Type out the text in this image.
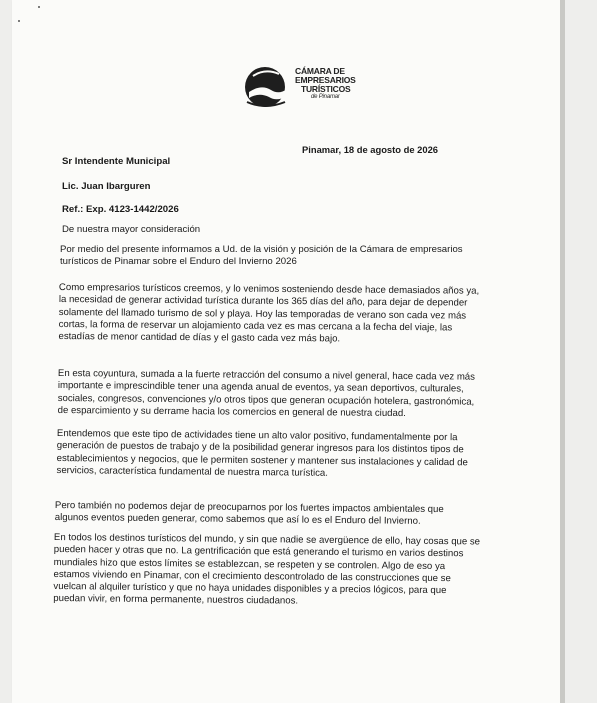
CÁMARA DE
EMPRESARIOS
TURÍSTICOS
de Pinamar
Pinamar, 18 de agosto de 2026
Sr Intendente Municipal
Lic. Juan Ibarguren
Ref.: Exp. 4123-1442/2026
De nuestra mayor consideración
Por medio del presente informamos a Ud. de la visión y posición de la Cámara de empresarios
turísticos de Pinamar sobre el Enduro del Invierno 2026
Como empresarios turísticos creemos, y lo venimos sosteniendo desde hace demasiados años ya,
la necesidad de generar actividad turística durante los 365 días del año, para dejar de depender
solamente del llamado turismo de sol y playa. Hoy las temporadas de verano son cada vez más
cortas, la forma de reservar un alojamiento cada vez es mas cercana a la fecha del viaje, las
estadías de menor cantidad de días y el gasto cada vez más bajo.
En esta coyuntura, sumada a la fuerte retracción del consumo a nivel general, hace cada vez más
importante e imprescindible tener una agenda anual de eventos, ya sean deportivos, culturales,
sociales, congresos, convenciones y/o otros tipos que generan ocupación hotelera, gastronómica,
de esparcimiento y su derrame hacia los comercios en general de nuestra ciudad.
Entendemos que este tipo de actividades tiene un alto valor positivo, fundamentalmente por la
generación de puestos de trabajo y de la posibilidad generar ingresos para los distintos tipos de
establecimientos y negocios, que le permiten sostener y mantener sus instalaciones y calidad de
servicios, característica fundamental de nuestra marca turística.
Pero también no podemos dejar de preocuparnos por los fuertes impactos ambientales que
algunos eventos pueden generar, como sabemos que así lo es el Enduro del Invierno.
En todos los destinos turísticos del mundo, y sin que nadie se avergüence de ello, hay cosas que se
pueden hacer y otras que no. La gentrificación que está generando el turismo en varios destinos
mundiales hizo que estos límites se establezcan, se respeten y se controlen. Algo de eso ya
estamos viviendo en Pinamar, con el crecimiento descontrolado de las construcciones que se
vuelcan al alquiler turístico y que no haya unidades disponibles y a precios lógicos, para que
puedan vivir, en forma permanente, nuestros ciudadanos.
